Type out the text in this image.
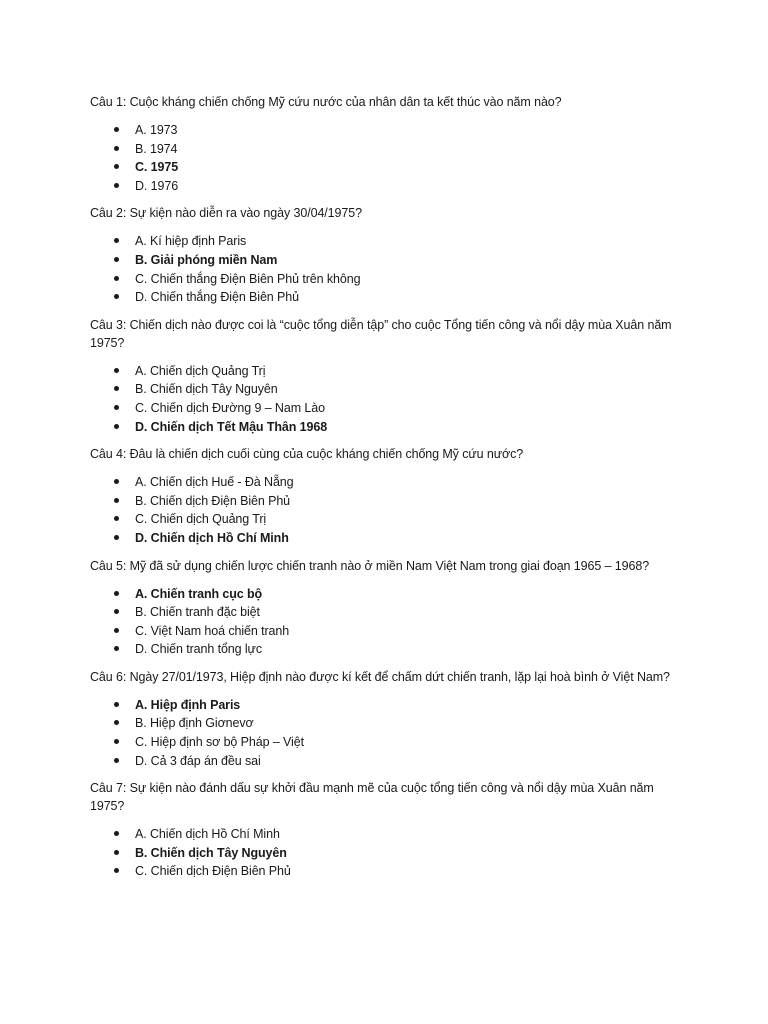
Câu 1: Cuộc kháng chiến chống Mỹ cứu nước của nhân dân ta kết thúc vào năm nào?

A. 1973
B. 1974
C. 1975
D. 1976

Câu 2: Sự kiện nào diễn ra vào ngày 30/04/1975?

A. Kí hiệp định Paris
B. Giải phóng miền Nam
C. Chiến thắng Điện Biên Phủ trên không
D. Chiến thắng Điện Biên Phủ

Câu 3: Chiến dịch nào được coi là “cuộc tổng diễn tập” cho cuộc Tổng tiến công và nổi dậy mùa Xuân năm 1975?

A. Chiến dịch Quảng Trị
B. Chiến dịch Tây Nguyên
C. Chiến dịch Đường 9 – Nam Lào
D. Chiến dịch Tết Mậu Thân 1968

Câu 4: Đâu là chiến dịch cuối cùng của cuộc kháng chiến chống Mỹ cứu nước?

A. Chiến dịch Huế - Đà Nẵng
B. Chiến dịch Điện Biên Phủ
C. Chiến dịch Quảng Trị
D. Chiến dịch Hồ Chí Minh

Câu 5: Mỹ đã sử dụng chiến lược chiến tranh nào ở miền Nam Việt Nam trong giai đoạn 1965 – 1968?

A. Chiến tranh cục bộ
B. Chiến tranh đặc biệt
C. Việt Nam hoá chiến tranh
D. Chiến tranh tổng lực

Câu 6: Ngày 27/01/1973, Hiệp định nào được kí kết để chấm dứt chiến tranh, lặp lại hoà bình ở Việt Nam?

A. Hiệp định Paris
B. Hiệp định Giơnevơ
C. Hiệp định sơ bộ Pháp – Việt
D. Cả 3 đáp án đều sai

Câu 7: Sự kiện nào đánh dấu sự khởi đầu mạnh mẽ của cuộc tổng tiến công và nổi dậy mùa Xuân năm 1975?

A. Chiến dịch Hồ Chí Minh
B. Chiến dịch Tây Nguyên
C. Chiến dịch Điện Biên Phủ
